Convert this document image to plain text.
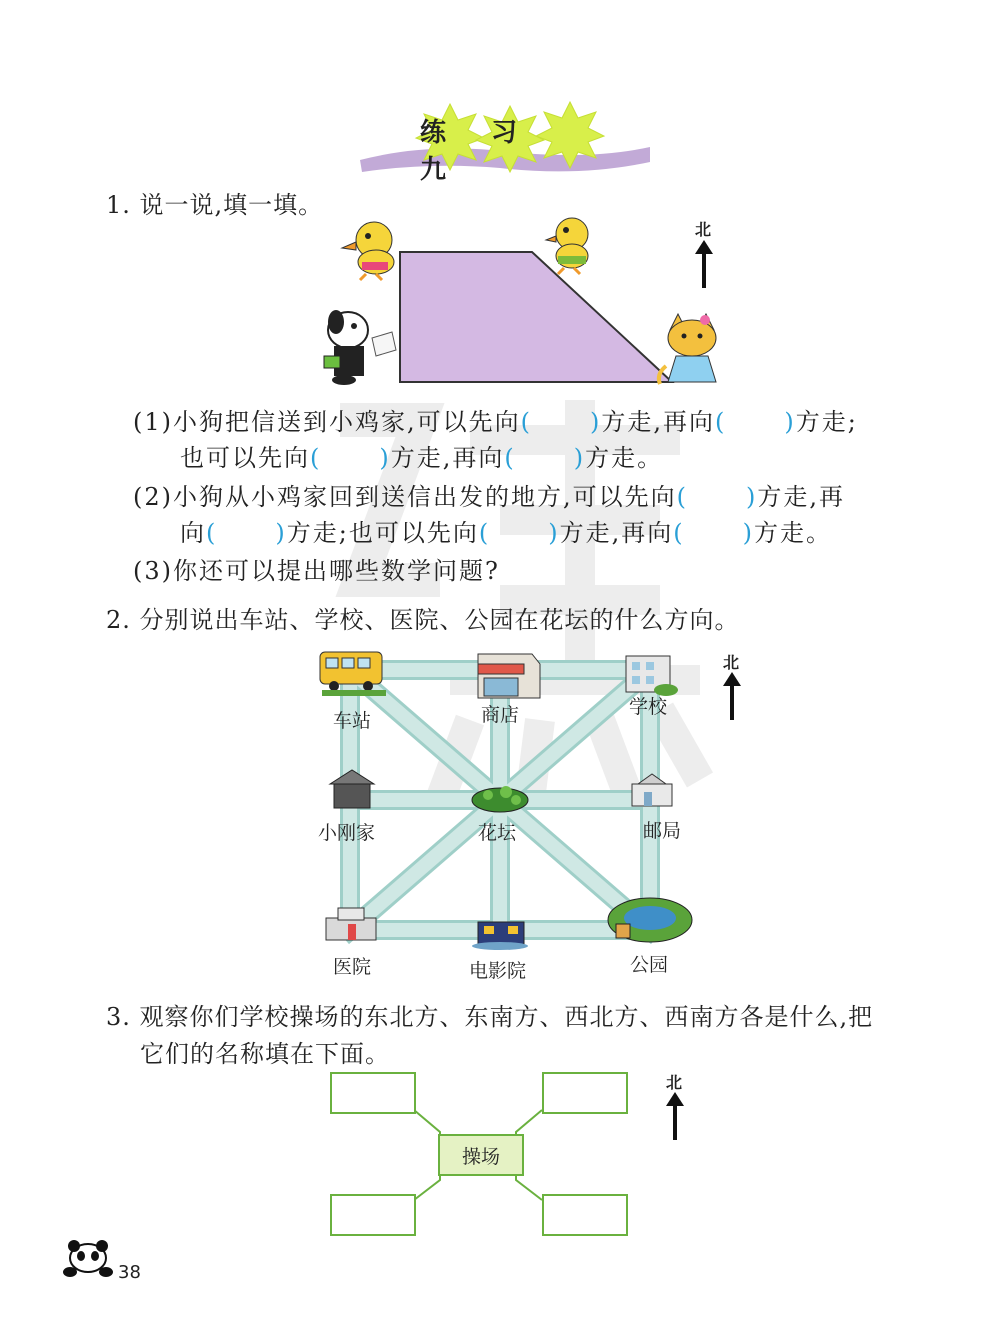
练 习 九
1. 说一说,填一填。
北
(1)小狗把信送到小鸡家,可以先向( )方走,再向( )方走;
也可以先向( )方走,再向( )方走。
(2)小狗从小鸡家回到送信出发的地方,可以先向( )方走,再
向( )方走;也可以先向( )方走,再向( )方走。
(3)你还可以提出哪些数学问题?
2. 分别说出车站、学校、医院、公园在花坛的什么方向。
北
车站	商店	学校
小刚家	花坛	邮局
医院	电影院	公园
3. 观察你们学校操场的东北方、东南方、西北方、西南方各是什么,把
它们的名称填在下面。
操场
北
38
